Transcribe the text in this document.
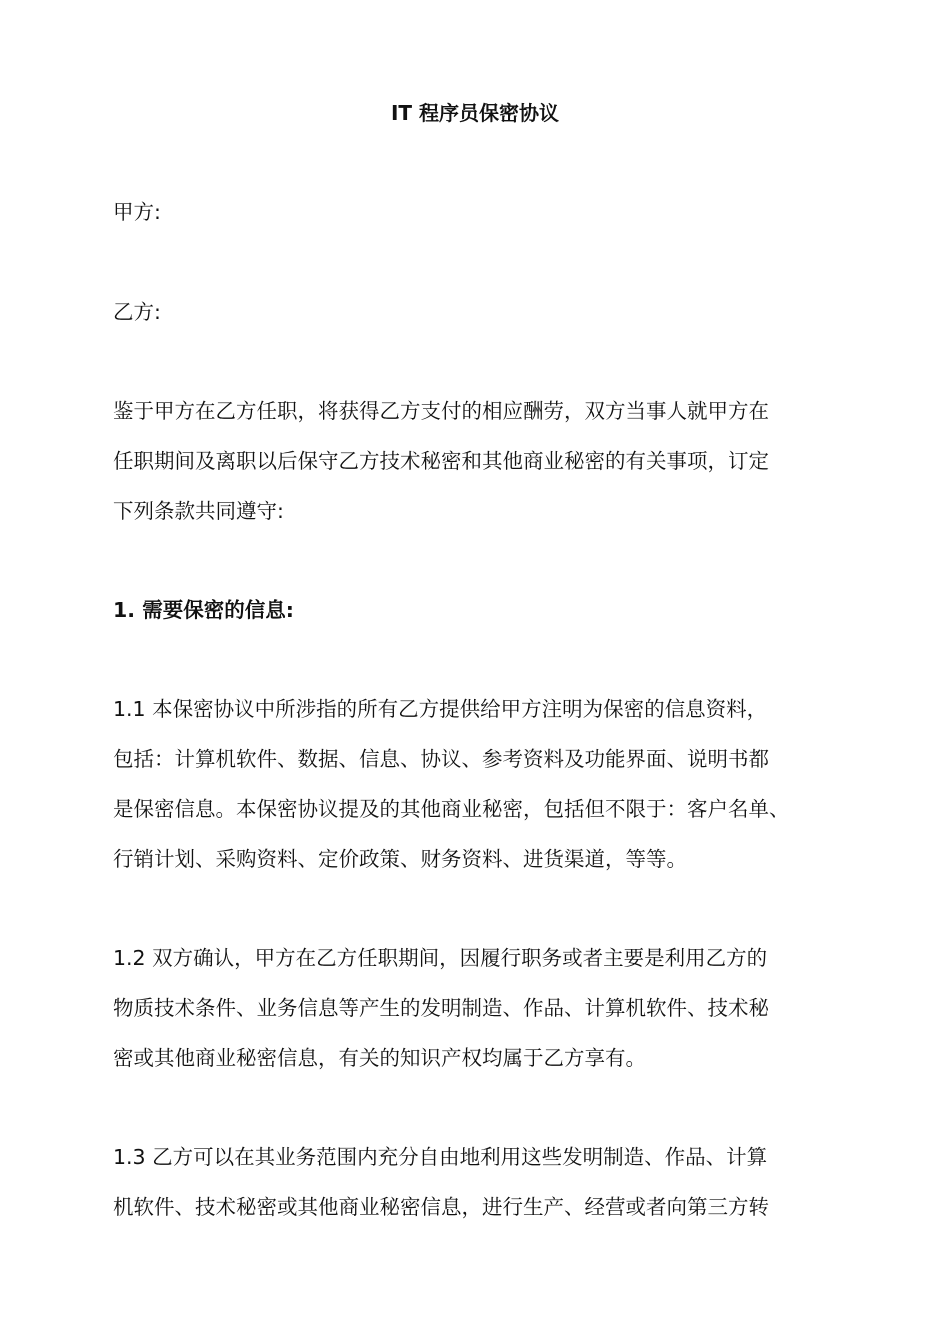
IT 程序员保密协议

甲方:

乙方:

鉴于甲方在乙方任职，将获得乙方支付的相应酬劳，双方当事人就甲方在

任职期间及离职以后保守乙方技术秘密和其他商业秘密的有关事项，订定

下列条款共同遵守:

1. 需要保密的信息:

1.1 本保密协议中所涉指的所有乙方提供给甲方注明为保密的信息资料，

包括：计算机软件、数据、信息、协议、参考资料及功能界面、说明书都

是保密信息。本保密协议提及的其他商业秘密，包括但不限于：客户名单、

行销计划、采购资料、定价政策、财务资料、进货渠道，等等。

1.2 双方确认，甲方在乙方任职期间，因履行职务或者主要是利用乙方的

物质技术条件、业务信息等产生的发明制造、作品、计算机软件、技术秘

密或其他商业秘密信息，有关的知识产权均属于乙方享有。

1.3 乙方可以在其业务范围内充分自由地利用这些发明制造、作品、计算

机软件、技术秘密或其他商业秘密信息，进行生产、经营或者向第三方转
